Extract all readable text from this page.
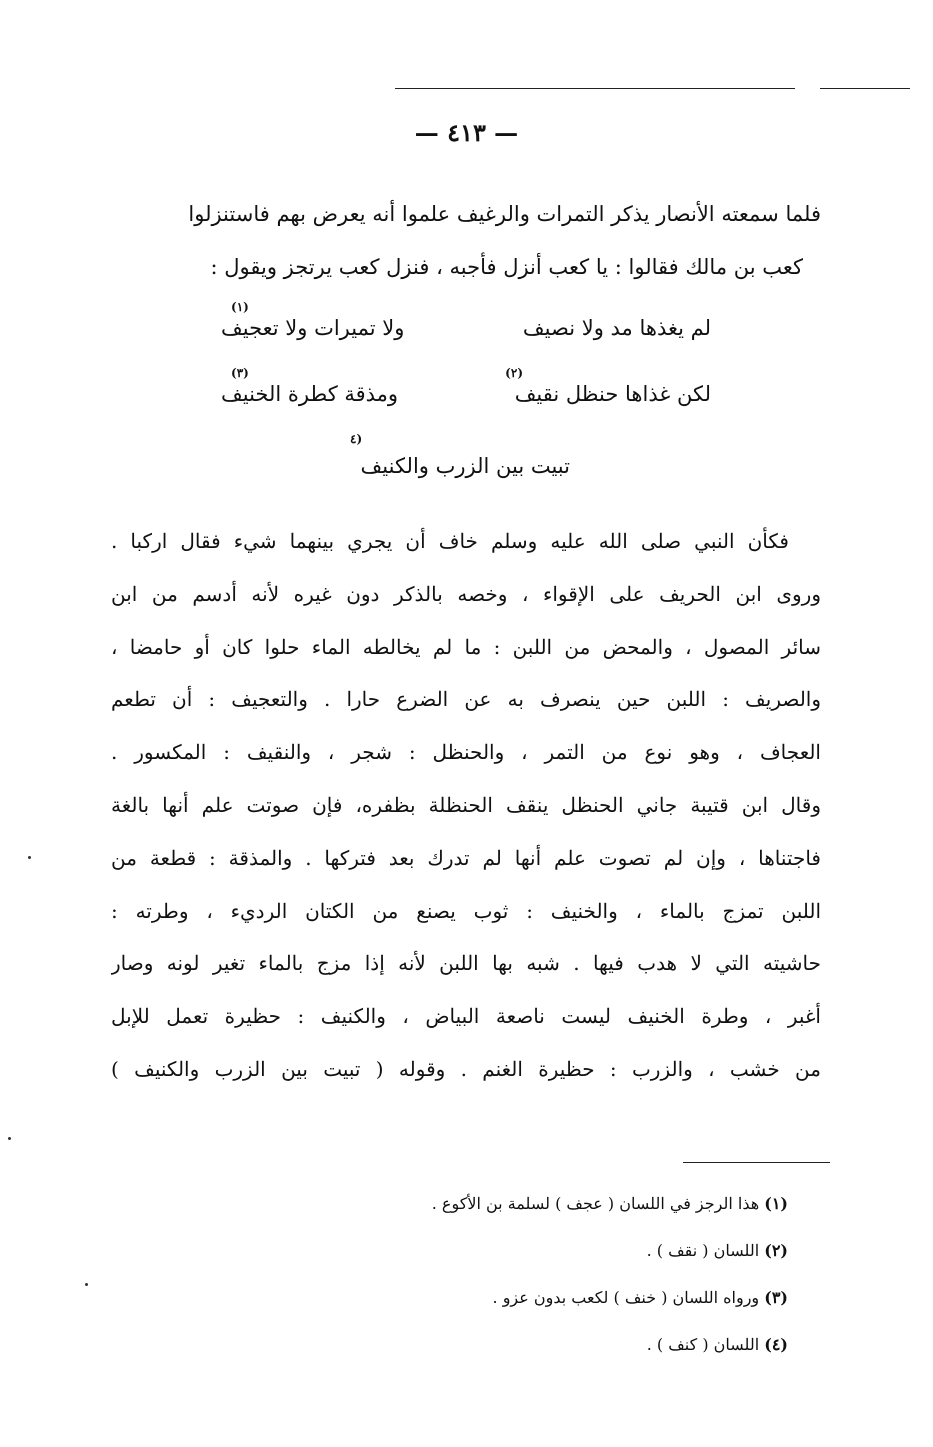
— ٤١٣ —
فلما سمعته الأنصار يذكر التمرات والرغيف علموا أنه يعرض بهم فاستنزلوا
كعب بن مالك فقالوا : يا كعب أنزل فأجبه ، فنزل كعب يرتجز ويقول :
(١)
لم يغذها مد ولا نصيف
ولا تميرات ولا تعجيف
(٢)
(٣)
لكن غذاها حنظل نقيف
ومذقة كطرة الخنيف
(٤
تبيت بين الزرب والكنيف
فكأن النبي صلى الله عليه وسلم خاف أن يجري بينهما شيء فقال اركبا .
وروى ابن الحريف على الإقواء ، وخصه بالذكر دون غيره لأنه أدسم من ابن
سائر المصول ، والمحض من اللبن : ما لم يخالطه الماء حلوا كان أو حامضا ،
والصريف : اللبن حين ينصرف به عن الضرع حارا . والتعجيف : أن تطعم
العجاف ، وهو نوع من التمر ، والحنظل : شجر ، والنقيف : المكسور .
وقال ابن قتيبة جاني الحنظل ينقف الحنظلة بظفره، فإن صوتت علم أنها بالغة
فاجتناها ، وإن لم تصوت علم أنها لم تدرك بعد فتركها . والمذقة : قطعة من
اللبن تمزج بالماء ، والخنيف : ثوب يصنع من الكتان الرديء ، وطرته :
حاشيته التي لا هدب فيها . شبه بها اللبن لأنه إذا مزج بالماء تغير لونه وصار
أغبر ، وطرة الخنيف ليست ناصعة البياض ، والكنيف : حظيرة تعمل للإبل
من خشب ، والزرب : حظيرة الغنم . وقوله ( تبيت بين الزرب والكنيف )
(١) هذا الرجز في اللسان ( عجف ) لسلمة بن الأكوع .
(٢) اللسان ( نقف ) .
(٣) ورواه اللسان ( خنف ) لكعب بدون عزو .
(٤) اللسان ( كنف ) .
